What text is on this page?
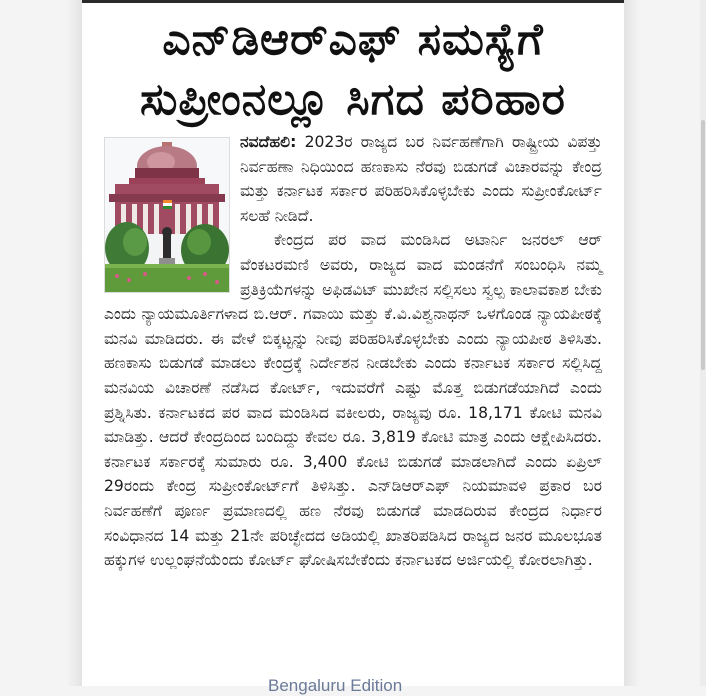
ಎನ್‌ಡಿಆರ್‌ಎಫ್ ಸಮಸ್ಯೆಗೆ
ಸುಪ್ರೀಂನಲ್ಲೂ ಸಿಗದ ಪರಿಹಾರ

ನವದೆಹಲಿ: 2023ರ ರಾಜ್ಯದ ಬರ ನಿರ್ವಹಣೆಗಾಗಿ ರಾಷ್ಟ್ರೀಯ ವಿಪತ್ತು ನಿರ್ವಹಣಾ ನಿಧಿಯಿಂದ ಹಣಕಾಸು ನೆರವು ಬಿಡುಗಡೆ ವಿಚಾರವನ್ನು ಕೇಂದ್ರ ಮತ್ತು ಕರ್ನಾಟಕ ಸರ್ಕಾರ ಪರಿಹರಿಸಿಕೊಳ್ಳಬೇಕು ಎಂದು ಸುಪ್ರೀಂಕೋರ್ಟ್ ಸಲಹೆ ನೀಡಿದೆ.

ಕೇಂದ್ರದ ಪರ ವಾದ ಮಂಡಿಸಿದ ಅಟಾರ್ನಿ ಜನರಲ್ ಆರ್ ವೆಂಕಟರಮಣಿ ಅವರು, ರಾಜ್ಯದ ವಾದ ಮಂಡನೆಗೆ ಸಂಬಂಧಿಸಿ ನಮ್ಮ ಪ್ರತಿಕ್ರಿಯೆಗಳನ್ನು ಅಫಿಡವಿಟ್ ಮುಖೇನ ಸಲ್ಲಿಸಲು ಸ್ವಲ್ಪ ಕಾಲಾವಕಾಶ ಬೇಕು ಎಂದು ನ್ಯಾಯಮೂರ್ತಿಗಳಾದ ಬಿ.ಆರ್. ಗವಾಯಿ ಮತ್ತು ಕೆ.ವಿ.ವಿಶ್ವನಾಥನ್ ಒಳಗೊಂಡ ನ್ಯಾಯಪೀಠಕ್ಕೆ ಮನವಿ ಮಾಡಿದರು. ಈ ವೇಳೆ ಬಿಕ್ಕಟ್ಟನ್ನು ನೀವು ಪರಿಹರಿಸಿಕೊಳ್ಳಬೇಕು ಎಂದು ನ್ಯಾಯಪೀಠ ತಿಳಿಸಿತು. ಹಣಕಾಸು ಬಿಡುಗಡೆ ಮಾಡಲು ಕೇಂದ್ರಕ್ಕೆ ನಿರ್ದೇಶನ ನೀಡಬೇಕು ಎಂದು ಕರ್ನಾಟಕ ಸರ್ಕಾರ ಸಲ್ಲಿಸಿದ್ದ ಮನವಿಯ ವಿಚಾರಣೆ ನಡೆಸಿದ ಕೋರ್ಟ್, ಇದುವರೆಗೆ ಎಷ್ಟು ಮೊತ್ತ ಬಿಡುಗಡೆಯಾಗಿದೆ ಎಂದು ಪ್ರಶ್ನಿಸಿತು. ಕರ್ನಾಟಕದ ಪರ ವಾದ ಮಂಡಿಸಿದ ವಕೀಲರು, ರಾಜ್ಯವು ರೂ. 18,171 ಕೋಟಿ ಮನವಿ ಮಾಡಿತ್ತು. ಆದರೆ ಕೇಂದ್ರದಿಂದ ಬಂದಿದ್ದು ಕೇವಲ ರೂ. 3,819 ಕೋಟಿ ಮಾತ್ರ ಎಂದು ಆಕ್ಷೇಪಿಸಿದರು. ಕರ್ನಾಟಕ ಸರ್ಕಾರಕ್ಕೆ ಸುಮಾರು ರೂ. 3,400 ಕೋಟಿ ಬಿಡುಗಡೆ ಮಾಡಲಾಗಿದೆ ಎಂದು ಏಪ್ರಿಲ್ 29ರಂದು ಕೇಂದ್ರ ಸುಪ್ರೀಂಕೋರ್ಟ್‌ಗೆ ತಿಳಿಸಿತ್ತು. ಎನ್‌ಡಿಆರ್‌ಎಫ್ ನಿಯಮಾವಳಿ ಪ್ರಕಾರ ಬರ ನಿರ್ವಹಣೆಗೆ ಪೂರ್ಣ ಪ್ರಮಾಣದಲ್ಲಿ ಹಣ ನೆರವು ಬಿಡುಗಡೆ ಮಾಡದಿರುವ ಕೇಂದ್ರದ ನಿರ್ಧಾರ ಸಂವಿಧಾನದ 14 ಮತ್ತು 21ನೇ ಪರಿಚ್ಛೇದದ ಅಡಿಯಲ್ಲಿ ಖಾತರಿಪಡಿಸಿದ ರಾಜ್ಯದ ಜನರ ಮೂಲಭೂತ ಹಕ್ಕುಗಳ ಉಲ್ಲಂಘನೆಯೆಂದು ಕೋರ್ಟ್ ಘೋಷಿಸಬೇಕೆಂದು ಕರ್ನಾಟಕದ ಅರ್ಜಿಯಲ್ಲಿ ಕೋರಲಾಗಿತ್ತು.

Bengaluru Edition
